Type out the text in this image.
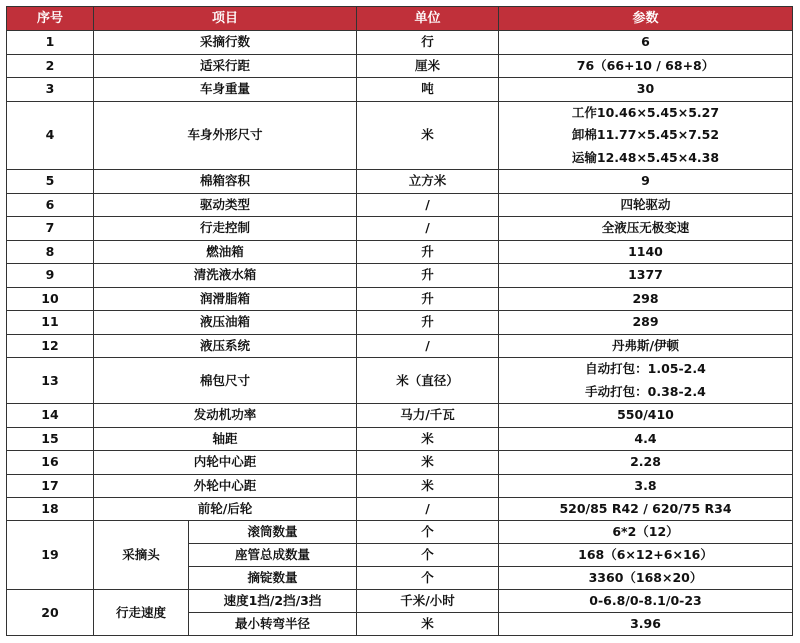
序号	项目		单位	参数
1	采摘行数		行	6

2	适采行距		厘米	76（66+10 / 68+8）

3	车身重量		吨	30

4	车身外形尺寸		米	工作10.46×5.45×5.27
卸棉11.77×5.45×7.52
运输12.48×5.45×4.38

5	棉箱容积		立方米	9

6	驱动类型		/	四轮驱动

7	行走控制		/	全液压无极变速

8	燃油箱		升	1140

9	清洗液水箱		升	1377

10	润滑脂箱		升	298

11	液压油箱		升	289

12	液压系统		/	丹弗斯/伊顿

13	棉包尺寸		米（直径）	自动打包：1.05-2.4
手动打包：0.38-2.4

14	发动机功率		马力/千瓦	550/410

15	轴距		米	4.4

16	内轮中心距		米	2.28

17	外轮中心距		米	3.8

18	前轮/后轮		/	520/85 R42 / 620/75 R34
19	采摘头	滚筒数量	个	6*2（12）
		座管总成数量	个	168（6×12+6×16）
		摘锭数量	个	3360（168×20）
20	行走速度	速度1挡/2挡/3挡	千米/小时	0-6.8/0-8.1/0-23
		最小转弯半径	米	3.96
